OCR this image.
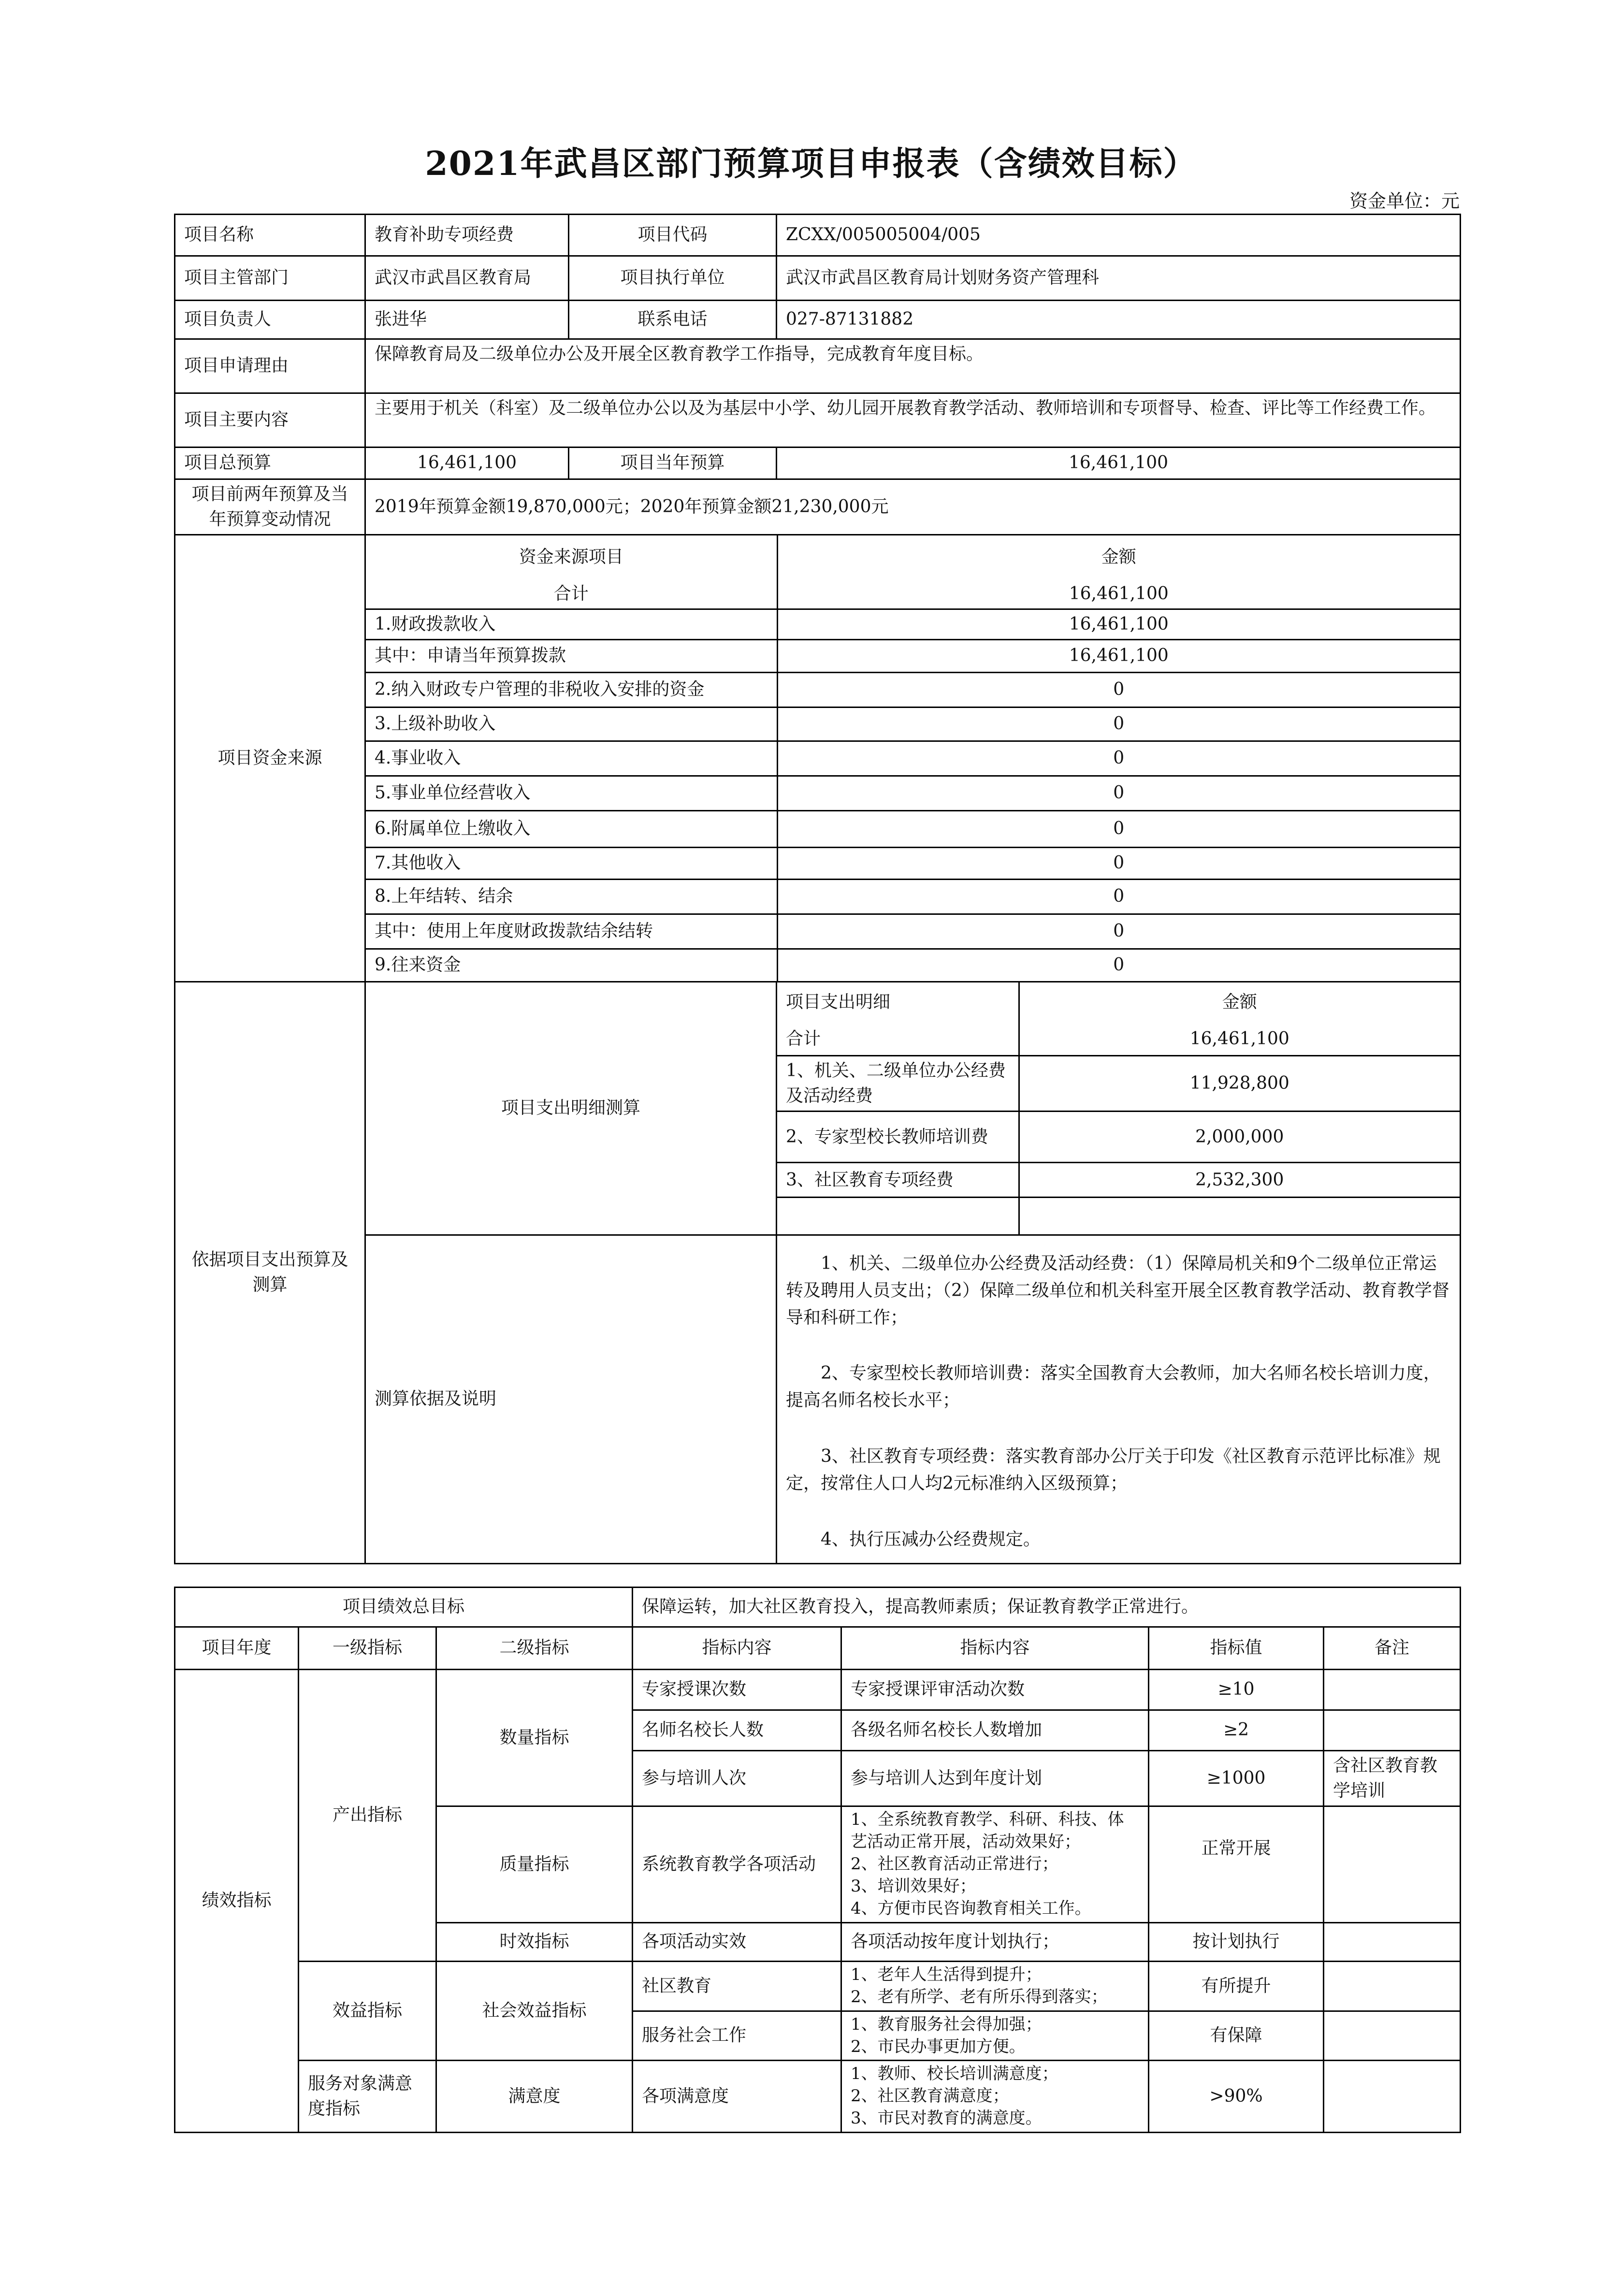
2021年武昌区部门预算项目申报表（含绩效目标）
资金单位：元
项目名称	教育补助专项经费	项目代码	ZCXX/005005004/005
项目主管部门	武汉市武昌区教育局	项目执行单位	武汉市武昌区教育局计划财务资产管理科
项目负责人	张进华	联系电话	027-87131882
项目申请理由	保障教育局及二级单位办公及开展全区教育教学工作指导，完成教育年度目标。
项目主要内容	主要用于机关（科室）及二级单位办公以及为基层中小学、幼儿园开展教育教学活动、教师培训和专项督导、检查、评比等工作经费工作。
项目总预算	16,461,100	项目当年预算	16,461,100
项目前两年预算及当年预算变动情况	2019年预算金额19,870,000元；2020年预算金额21,230,000元
项目资金来源	
资金来源项目	金额
合计	16,461,100
1.财政拨款收入	16,461,100
其中：申请当年预算拨款	16,461,100
2.纳入财政专户管理的非税收入安排的资金	0
3.上级补助收入	0
4.事业收入	0
5.事业单位经营收入	0
6.附属单位上缴收入	0
7.其他收入	0
8.上年结转、结余	0
其中：使用上年度财政拨款结余结转	0
9.往来资金	0

依据项目支出预算及测算	项目支出明细测算	
项目支出明细	金额
合计	16,461,100
1、机关、二级单位办公经费及活动经费	11,928,800
2、专家型校长教师培训费	2,000,000
3、社区教育专项经费	2,532,300

测算依据及说明	

1、机关、二级单位办公经费及活动经费：（1）保障局机关和9个二级单位正常运转及聘用人员支出；（2）保障二级单位和机关科室开展全区教育教学活动、教育教学督导和科研工作；

2、专家型校长教师培训费：落实全国教育大会教师，加大名师名校长培训力度，提高名师名校长水平；

3、社区教育专项经费：落实教育部办公厅关于印发《社区教育示范评比标准》规定，按常住人口人均2元标准纳入区级预算；

4、执行压减办公经费规定。

项目绩效总目标			保障运转，加大社区教育投入，提高教师素质；保证教育教学正常进行。			
项目年度	一级指标	二级指标	指标内容	指标内容	指标值	备注
绩效指标	产出指标	数量指标	专家授课次数	专家授课评审活动次数	≥10	
			名师名校长人数	各级名师名校长人数增加	≥2	
			参与培训人次	参与培训人达到年度计划	≥1000	含社区教育教学培训
		质量指标	系统教育教学各项活动	1、全系统教育教学、科研、科技、体艺活动正常开展，活动效果好；
2、社区教育活动正常进行；
3、培训效果好；
4、方便市民咨询教育相关工作。	正常开展	
		时效指标	各项活动实效	各项活动按年度计划执行；	按计划执行	
	效益指标	社会效益指标	社区教育	1、老年人生活得到提升；
2、老有所学、老有所乐得到落实；	有所提升	
			服务社会工作	1、教育服务社会得加强；
2、市民办事更加方便。	有保障	
	服务对象满意度指标	满意度	各项满意度	1、教师、校长培训满意度；
2、社区教育满意度；
3、市民对教育的满意度。	>90%	
